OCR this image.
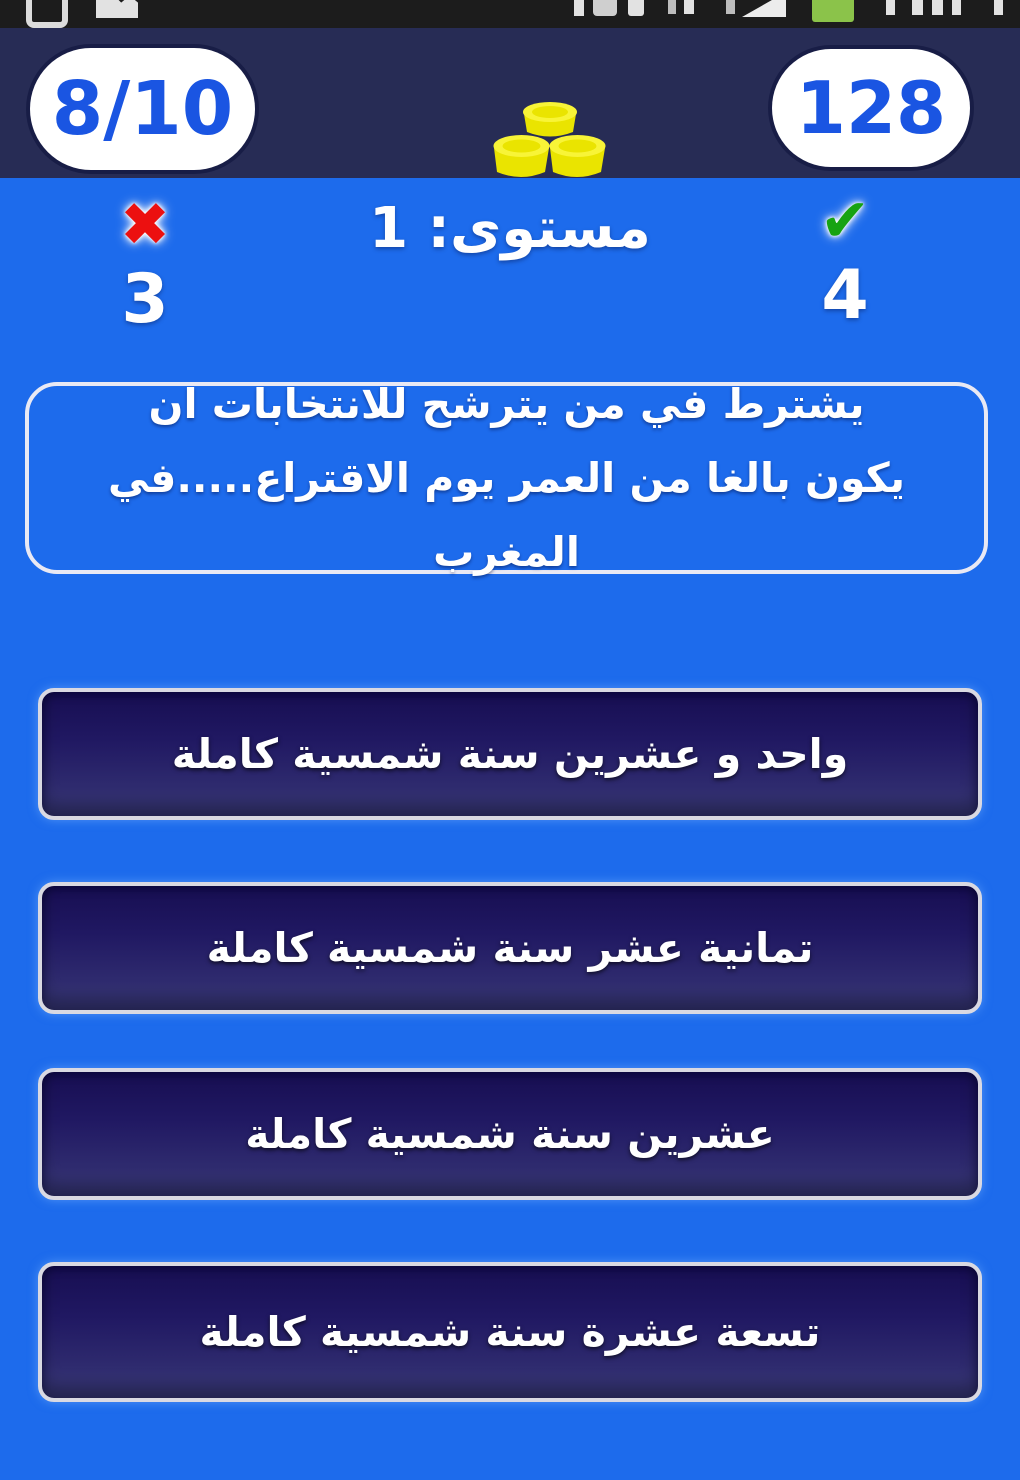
8/10	128
✖
3
مستوى: 1	✔
4
يشترط في من يترشح للانتخابات ان يكون بالغا من العمر يوم الاقتراع.....في المغرب
واحد و عشرين سنة شمسية كاملة
تمانية عشر سنة شمسية كاملة
عشرين سنة شمسية كاملة
تسعة عشرة سنة شمسية كاملة
